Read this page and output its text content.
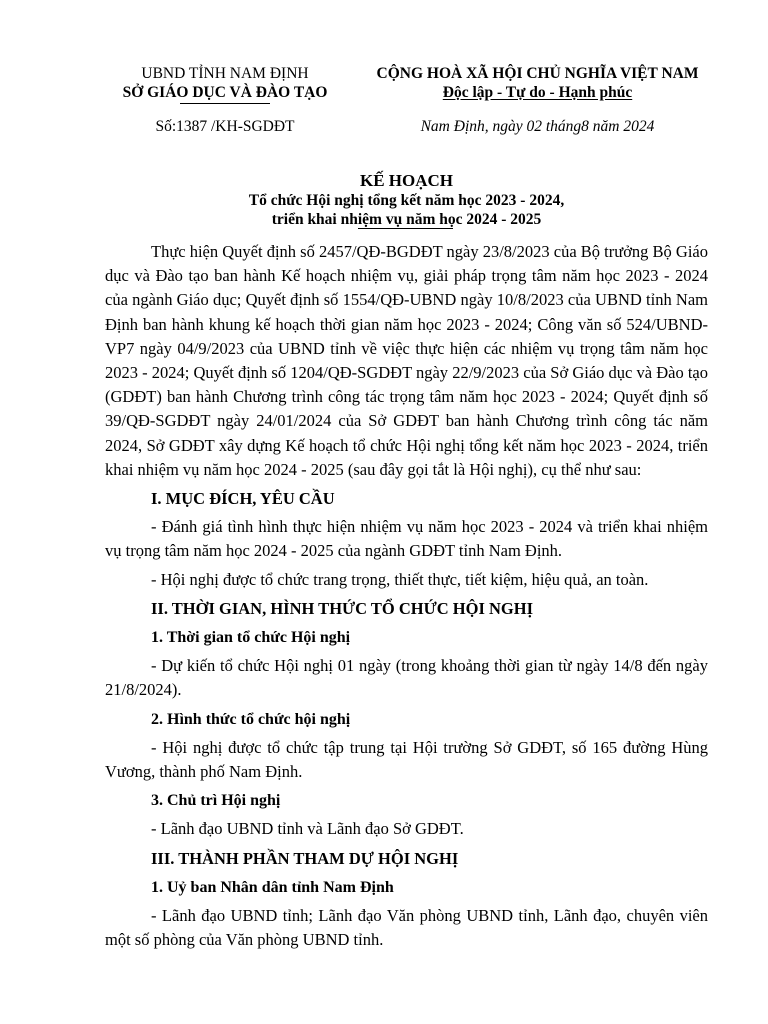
UBND TỈNH NAM ĐỊNH
SỞ GIÁO DỤC VÀ ĐÀO TẠO
CỘNG HOÀ XÃ HỘI CHỦ NGHĨA VIỆT NAM
Độc lập - Tự do - Hạnh phúc
Số:1387 /KH-SGDĐT	Nam Định, ngày 02 tháng8 năm 2024
KẾ HOẠCH
Tổ chức Hội nghị tổng kết năm học 2023 - 2024,
triển khai nhiệm vụ năm học 2024 - 2025

Thực hiện Quyết định số 2457/QĐ-BGDĐT ngày 23/8/2023 của Bộ trưởng Bộ Giáo dục và Đào tạo ban hành Kế hoạch nhiệm vụ, giải pháp trọng tâm năm học 2023 - 2024 của ngành Giáo dục; Quyết định số 1554/QĐ-UBND ngày 10/8/2023 của UBND tỉnh Nam Định ban hành khung kế hoạch thời gian năm học 2023 - 2024; Công văn số 524/UBND-VP7 ngày 04/9/2023 của UBND tỉnh về việc thực hiện các nhiệm vụ trọng tâm năm học 2023 - 2024; Quyết định số 1204/QĐ-SGDĐT ngày 22/9/2023 của Sở Giáo dục và Đào tạo (GDĐT) ban hành Chương trình công tác trọng tâm năm học 2023 - 2024; Quyết định số 39/QĐ-SGDĐT ngày 24/01/2024 của Sở GDĐT ban hành Chương trình công tác năm 2024, Sở GDĐT xây dựng Kế hoạch tổ chức Hội nghị tổng kết năm học 2023 - 2024, triển khai nhiệm vụ năm học 2024 - 2025 (sau đây gọi tắt là Hội nghị), cụ thể như sau:

I. MỤC ĐÍCH, YÊU CẦU

- Đánh giá tình hình thực hiện nhiệm vụ năm học 2023 - 2024 và triển khai nhiệm vụ trọng tâm năm học 2024 - 2025 của ngành GDĐT tỉnh Nam Định.

- Hội nghị được tổ chức trang trọng, thiết thực, tiết kiệm, hiệu quả, an toàn.

II. THỜI GIAN, HÌNH THỨC TỔ CHỨC HỘI NGHỊ
1. Thời gian tổ chức Hội nghị

- Dự kiến tổ chức Hội nghị 01 ngày (trong khoảng thời gian từ ngày 14/8 đến ngày 21/8/2024).

2. Hình thức tổ chức hội nghị

- Hội nghị được tổ chức tập trung tại Hội trường Sở GDĐT, số 165 đường Hùng Vương, thành phố Nam Định.

3. Chủ trì Hội nghị

- Lãnh đạo UBND tỉnh và Lãnh đạo Sở GDĐT.

III. THÀNH PHẦN THAM DỰ HỘI NGHỊ
1. Uỷ ban Nhân dân tỉnh Nam Định

- Lãnh đạo UBND tỉnh; Lãnh đạo Văn phòng UBND tỉnh, Lãnh đạo, chuyên viên một số phòng của Văn phòng UBND tỉnh.
